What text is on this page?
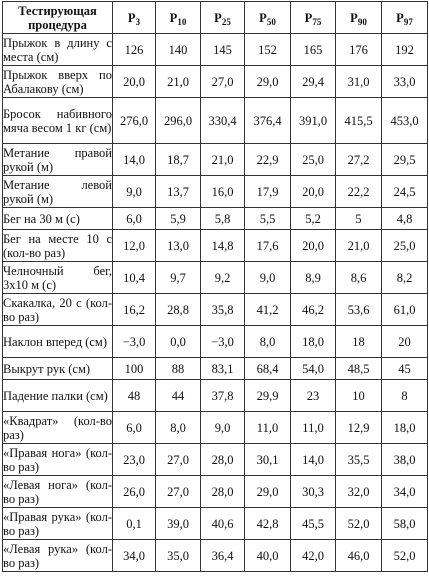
Тестирующая процедура	$P_3$	$P_{10}$	$P_{25}$	$P_{50}$	$P_{75}$	$P_{90}$	$P_{97}$
Прыжок в длину с места (см)	126	140	145	152	165	176	192
Прыжок вверх по Абалакову (см)	20,0	21,0	27,0	29,0	29,4	31,0	33,0
Бросок набивного мяча весом 1 кг (см)	276,0	296,0	330,4	376,4	391,0	415,5	453,0
Метание правой рукой (м)	14,0	18,7	21,0	22,9	25,0	27,2	29,5
Метание левой рукой (м)	9,0	13,7	16,0	17,9	20,0	22,2	24,5
Бег на 30 м (с)	6,0	5,9	5,8	5,5	5,2	5	4,8
Бег на месте 10 с (кол-во раз)	12,0	13,0	14,8	17,6	20,0	21,0	25,0
Челночный бег, 3х10 м (с)	10,4	9,7	9,2	9,0	8,9	8,6	8,2
Скакалка, 20 с (кол-во раз)	16,2	28,8	35,8	41,2	46,2	53,6	61,0
Наклон вперед (см)	−3,0	0,0	−3,0	8,0	18,0	18	20
Выкрут рук (см)	100	88	83,1	68,4	54,0	48,5	45
Падение палки (см)	48	44	37,8	29,9	23	10	8
«Квадрат» (кол-во раз)	6,0	8,0	9,0	11,0	11,0	12,9	18,0
«Правая нога» (кол-во раз)	23,0	27,0	28,0	30,1	14,0	35,5	38,0
«Левая нога» (кол-во раз)	26,0	27,0	28,0	29,0	30,3	32,0	34,0
«Правая рука» (кол-во раз)	0,1	39,0	40,6	42,8	45,5	52,0	58,0
«Левая рука» (кол-во раз)	34,0	35,0	36,4	40,0	42,0	46,0	52,0
